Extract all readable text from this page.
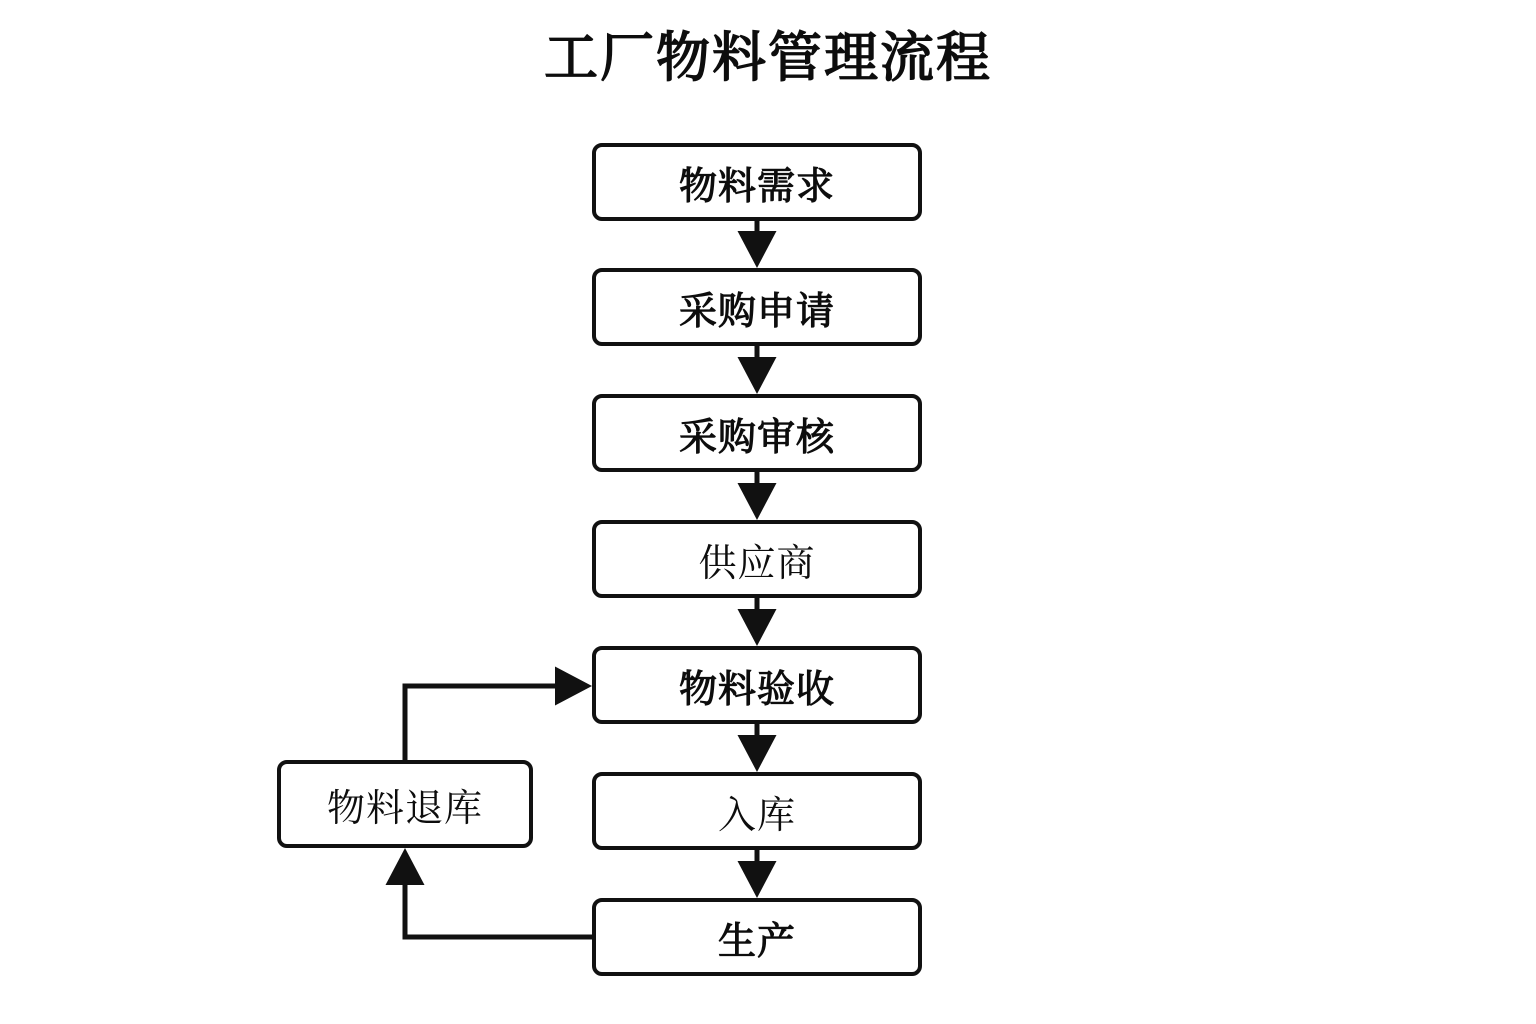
工厂物料管理流程
物料需求
采购申请
采购审核
供应商
物料验收
入库
生产
物料退库
